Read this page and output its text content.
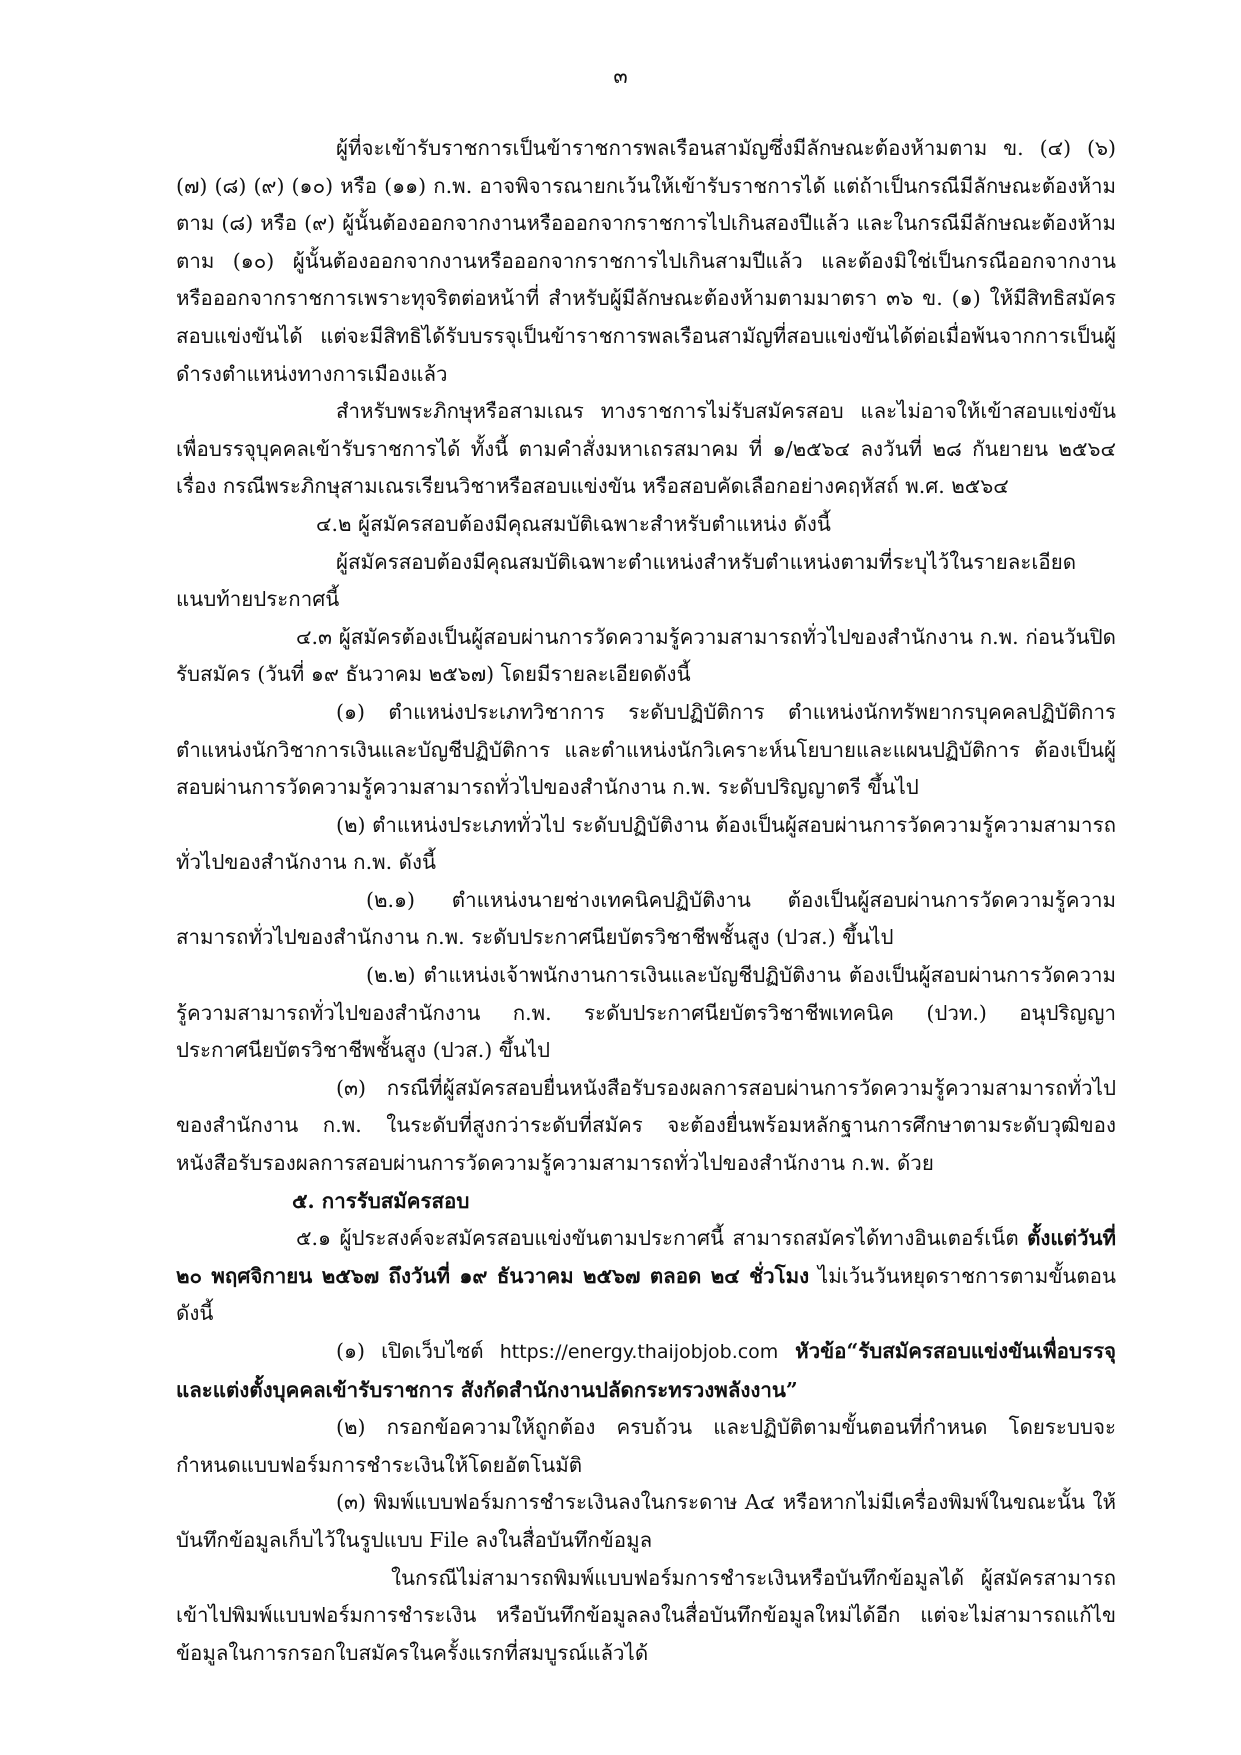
๓

ผู้ที่จะเข้ารับราชการเป็นข้าราชการพลเรือนสามัญซึ่งมีลักษณะต้องห้ามตาม ข. (๔) (๖) (๗) (๘) (๙) (๑๐) หรือ (๑๑) ก.พ. อาจพิจารณายกเว้นให้เข้ารับราชการได้ แต่ถ้าเป็นกรณีมีลักษณะต้องห้ามตาม (๘) หรือ (๙) ผู้นั้นต้องออกจากงานหรือออกจากราชการไปเกินสองปีแล้ว และในกรณีมีลักษณะต้องห้ามตาม (๑๐) ผู้นั้นต้องออกจากงานหรือออกจากราชการไปเกินสามปีแล้ว และต้องมิใช่เป็นกรณีออกจากงานหรือออกจากราชการเพราะทุจริตต่อหน้าที่ สำหรับผู้มีลักษณะต้องห้ามตามมาตรา ๓๖ ข. (๑) ให้มีสิทธิสมัครสอบแข่งขันได้ แต่จะมีสิทธิได้รับบรรจุเป็นข้าราชการพลเรือนสามัญที่สอบแข่งขันได้ต่อเมื่อพ้นจากการเป็นผู้ดำรงตำแหน่งทางการเมืองแล้ว

สำหรับพระภิกษุหรือสามเณร ทางราชการไม่รับสมัครสอบ และไม่อาจให้เข้าสอบแข่งขันเพื่อบรรจุบุคคลเข้ารับราชการได้ ทั้งนี้ ตามคำสั่งมหาเถรสมาคม ที่ ๑/๒๕๖๔ ลงวันที่ ๒๘ กันยายน ๒๕๖๔ เรื่อง กรณีพระภิกษุสามเณรเรียนวิชาหรือสอบแข่งขัน หรือสอบคัดเลือกอย่างคฤหัสถ์ พ.ศ. ๒๕๖๔

๔.๒ ผู้สมัครสอบต้องมีคุณสมบัติเฉพาะสำหรับตำแหน่ง ดังนี้

ผู้สมัครสอบต้องมีคุณสมบัติเฉพาะตำแหน่งสำหรับตำแหน่งตามที่ระบุไว้ในรายละเอียดแนบท้ายประกาศนี้

๔.๓ ผู้สมัครต้องเป็นผู้สอบผ่านการวัดความรู้ความสามารถทั่วไปของสำนักงาน ก.พ. ก่อนวันปิดรับสมัคร (วันที่ ๑๙ ธันวาคม ๒๕๖๗) โดยมีรายละเอียดดังนี้

(๑) ตำแหน่งประเภทวิชาการ ระดับปฏิบัติการ ตำแหน่งนักทรัพยากรบุคคลปฏิบัติการ ตำแหน่งนักวิชาการเงินและบัญชีปฏิบัติการ และตำแหน่งนักวิเคราะห์นโยบายและแผนปฏิบัติการ ต้องเป็นผู้สอบผ่านการวัดความรู้ความสามารถทั่วไปของสำนักงาน ก.พ. ระดับปริญญาตรี ขึ้นไป

(๒) ตำแหน่งประเภททั่วไป ระดับปฏิบัติงาน ต้องเป็นผู้สอบผ่านการวัดความรู้ความสามารถทั่วไปของสำนักงาน ก.พ. ดังนี้

(๒.๑) ตำแหน่งนายช่างเทคนิคปฏิบัติงาน ต้องเป็นผู้สอบผ่านการวัดความรู้ความสามารถทั่วไปของสำนักงาน ก.พ. ระดับประกาศนียบัตรวิชาชีพชั้นสูง (ปวส.) ขึ้นไป

(๒.๒) ตำแหน่งเจ้าพนักงานการเงินและบัญชีปฏิบัติงาน ต้องเป็นผู้สอบผ่านการวัดความรู้ความสามารถทั่วไปของสำนักงาน ก.พ. ระดับประกาศนียบัตรวิชาชีพเทคนิค (ปวท.) อนุปริญญา ประกาศนียบัตรวิชาชีพชั้นสูง (ปวส.) ขึ้นไป

(๓) กรณีที่ผู้สมัครสอบยื่นหนังสือรับรองผลการสอบผ่านการวัดความรู้ความสามารถทั่วไปของสำนักงาน ก.พ. ในระดับที่สูงกว่าระดับที่สมัคร จะต้องยื่นพร้อมหลักฐานการศึกษาตามระดับวุฒิของหนังสือรับรองผลการสอบผ่านการวัดความรู้ความสามารถทั่วไปของสำนักงาน ก.พ. ด้วย

๕. การรับสมัครสอบ

๕.๑ ผู้ประสงค์จะสมัครสอบแข่งขันตามประกาศนี้ สามารถสมัครได้ทางอินเตอร์เน็ต ตั้งแต่วันที่ ๒๐ พฤศจิกายน ๒๕๖๗ ถึงวันที่ ๑๙ ธันวาคม ๒๕๖๗ ตลอด ๒๔ ชั่วโมง ไม่เว้นวันหยุดราชการตามขั้นตอน ดังนี้

(๑) เปิดเว็บไซต์ https://energy.thaijobjob.com หัวข้อ“รับสมัครสอบแข่งขันเพื่อบรรจุและแต่งตั้งบุคคลเข้ารับราชการ สังกัดสำนักงานปลัดกระทรวงพลังงาน”

(๒) กรอกข้อความให้ถูกต้อง ครบถ้วน และปฏิบัติตามขั้นตอนที่กำหนด โดยระบบจะกำหนดแบบฟอร์มการชำระเงินให้โดยอัตโนมัติ

(๓) พิมพ์แบบฟอร์มการชำระเงินลงในกระดาษ A๔ หรือหากไม่มีเครื่องพิมพ์ในขณะนั้น ให้บันทึกข้อมูลเก็บไว้ในรูปแบบ File ลงในสื่อบันทึกข้อมูล

ในกรณีไม่สามารถพิมพ์แบบฟอร์มการชำระเงินหรือบันทึกข้อมูลได้ ผู้สมัครสามารถเข้าไปพิมพ์แบบฟอร์มการชำระเงิน หรือบันทึกข้อมูลลงในสื่อบันทึกข้อมูลใหม่ได้อีก แต่จะไม่สามารถแก้ไขข้อมูลในการกรอกใบสมัครในครั้งแรกที่สมบูรณ์แล้วได้
